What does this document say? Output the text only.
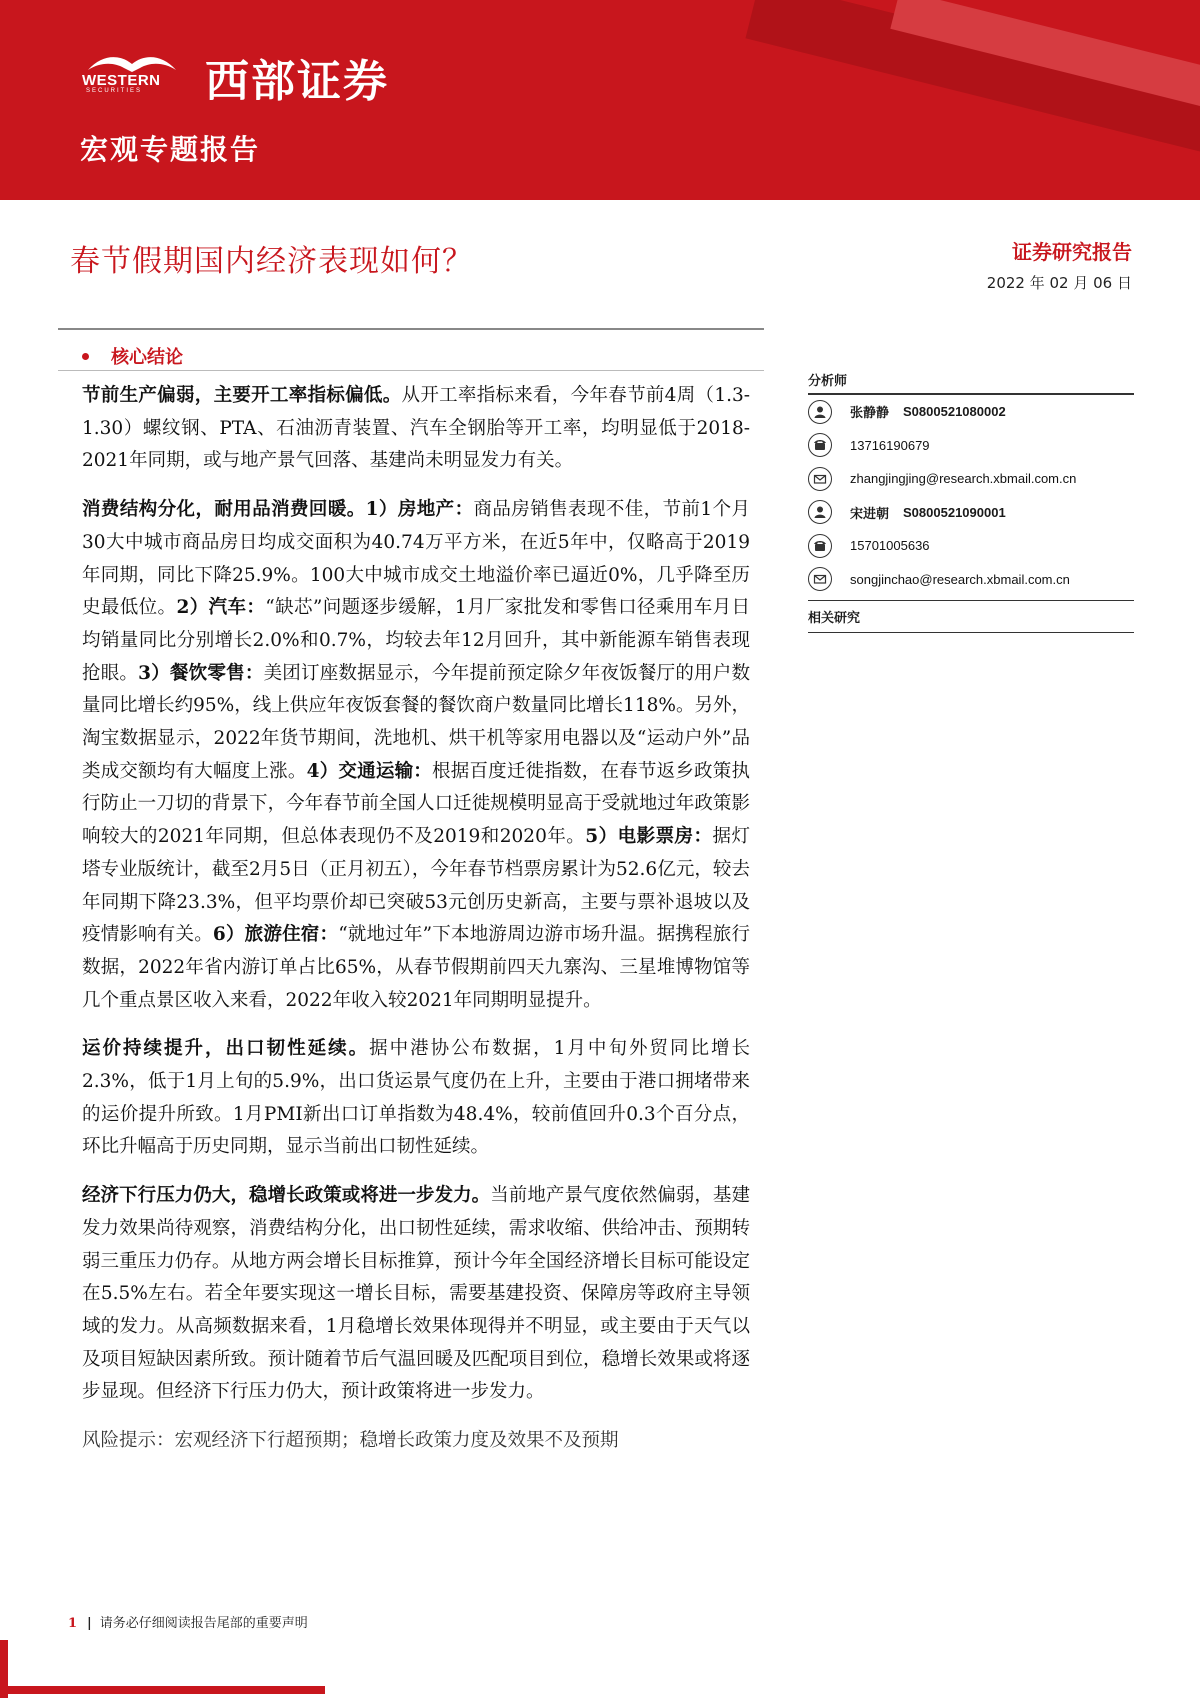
WESTERN
SECURITIES 西部证券
宏观专题报告
春节假期国内经济表现如何？	证券研究报告
2022 年 02 月 06 日
核心结论

节前生产偏弱，主要开工率指标偏低。从开工率指标来看，今年春节前4周（1.3-1.30）螺纹钢、PTA、石油沥青装置、汽车全钢胎等开工率，均明显低于2018-2021年同期，或与地产景气回落、基建尚未明显发力有关。

消费结构分化，耐用品消费回暖。1）房地产：商品房销售表现不佳，节前1个月30大中城市商品房日均成交面积为40.74万平方米，在近5年中，仅略高于2019年同期，同比下降25.9%。100大中城市成交土地溢价率已逼近0%，几乎降至历史最低位。2）汽车：“缺芯”问题逐步缓解，1月厂家批发和零售口径乘用车月日均销量同比分别增长2.0%和0.7%，均较去年12月回升，其中新能源车销售表现抢眼。3）餐饮零售：美团订座数据显示，今年提前预定除夕年夜饭餐厅的用户数量同比增长约95%，线上供应年夜饭套餐的餐饮商户数量同比增长118%。另外，淘宝数据显示，2022年货节期间，洗地机、烘干机等家用电器以及“运动户外”品类成交额均有大幅度上涨。4）交通运输：根据百度迁徙指数，在春节返乡政策执行防止一刀切的背景下，今年春节前全国人口迁徙规模明显高于受就地过年政策影响较大的2021年同期，但总体表现仍不及2019和2020年。5）电影票房：据灯塔专业版统计，截至2月5日（正月初五），今年春节档票房累计为52.6亿元，较去年同期下降23.3%，但平均票价却已突破53元创历史新高，主要与票补退坡以及疫情影响有关。6）旅游住宿：“就地过年”下本地游周边游市场升温。据携程旅行数据，2022年省内游订单占比65%，从春节假期前四天九寨沟、三星堆博物馆等几个重点景区收入来看，2022年收入较2021年同期明显提升。

运价持续提升，出口韧性延续。据中港协公布数据，1月中旬外贸同比增长2.3%，低于1月上旬的5.9%，出口货运景气度仍在上升，主要由于港口拥堵带来的运价提升所致。1月PMI新出口订单指数为48.4%，较前值回升0.3个百分点，环比升幅高于历史同期，显示当前出口韧性延续。

经济下行压力仍大，稳增长政策或将进一步发力。当前地产景气度依然偏弱，基建发力效果尚待观察，消费结构分化，出口韧性延续，需求收缩、供给冲击、预期转弱三重压力仍存。从地方两会增长目标推算，预计今年全国经济增长目标可能设定在5.5%左右。若全年要实现这一增长目标，需要基建投资、保障房等政府主导领域的发力。从高频数据来看，1月稳增长效果体现得并不明显，或主要由于天气以及项目短缺因素所致。预计随着节后气温回暖及匹配项目到位，稳增长效果或将逐步显现。但经济下行压力仍大，预计政策将进一步发力。

风险提示：宏观经济下行超预期；稳增长政策力度及效果不及预期

分析师
张静静 S0800521080002
13716190679
zhangjingjing@research.xbmail.com.cn
宋进朝 S0800521090001
15701005636
songjinchao@research.xbmail.com.cn
相关研究
1 | 请务必仔细阅读报告尾部的重要声明
